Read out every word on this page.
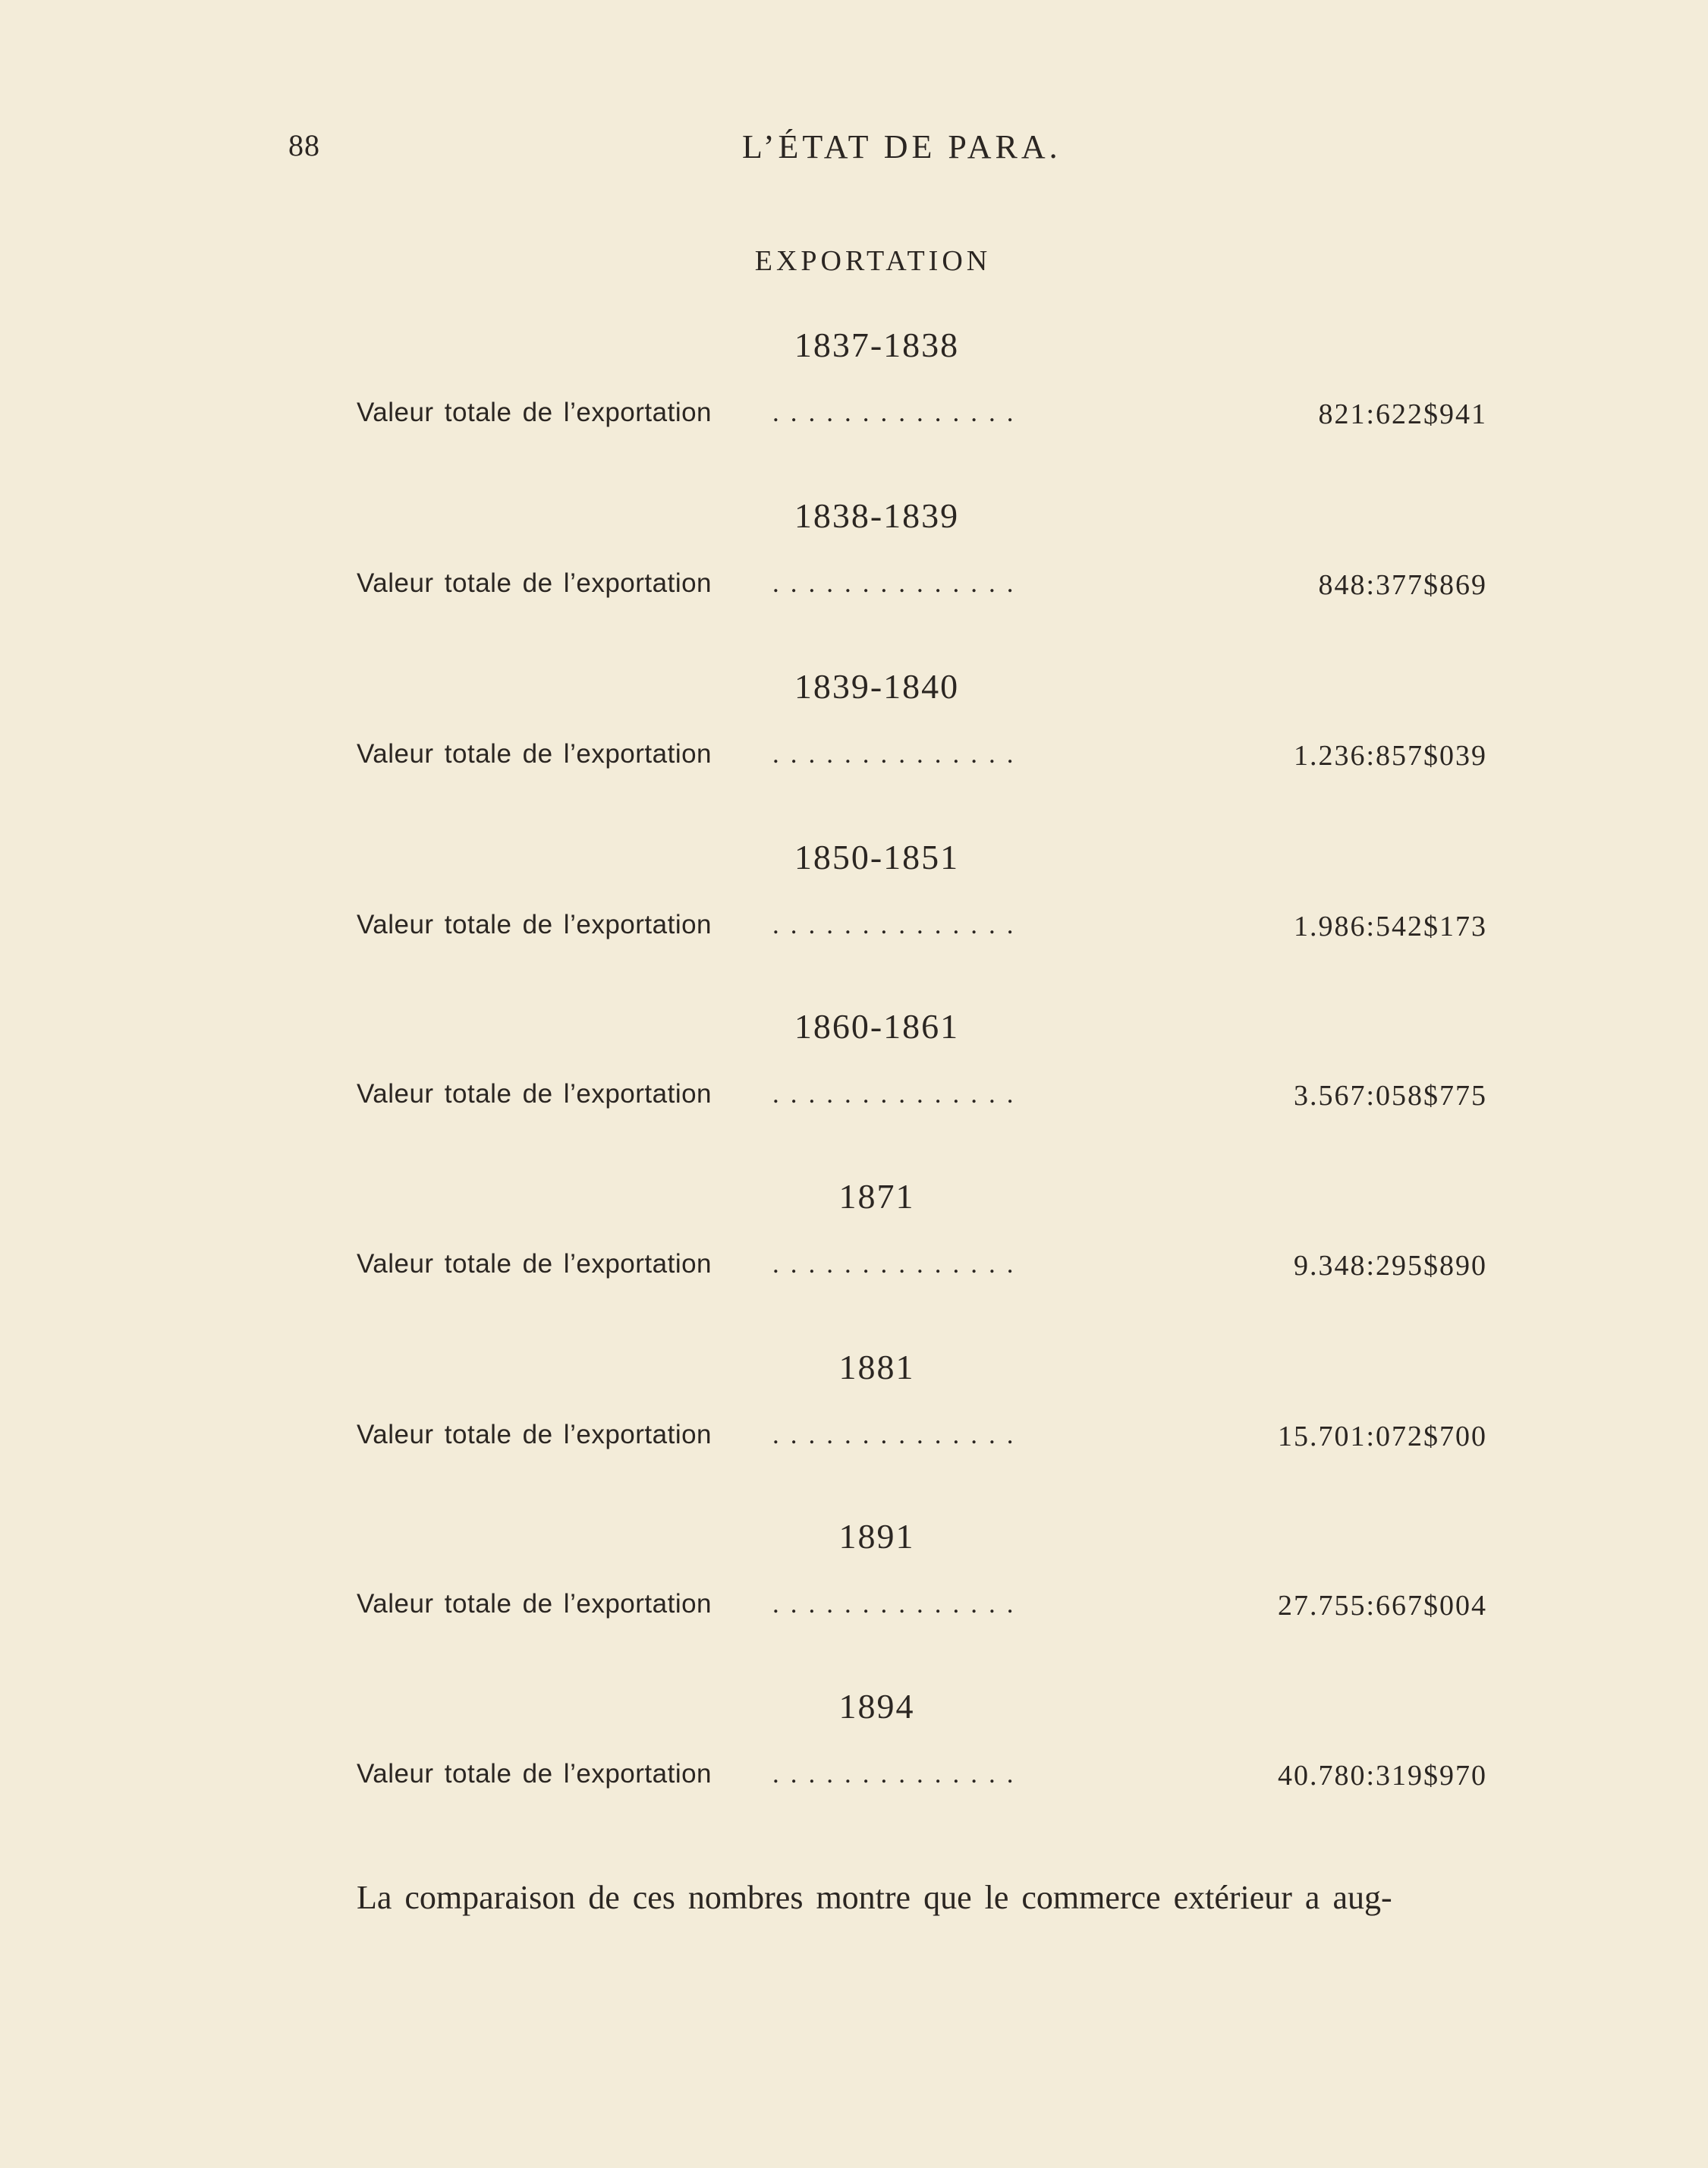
88	L’ÉTAT DE PARA.
EXPORTATION
1837-1838
Valeur totale de l’exportation ..............	821:622$941
1838-1839
Valeur totale de l’exportation ..............	848:377$869
1839-1840
Valeur totale de l’exportation ..............	1.236:857$039
1850-1851
Valeur totale de l’exportation ..............	1.986:542$173
1860-1861
Valeur totale de l’exportation ..............	3.567:058$775
1871
Valeur totale de l’exportation ..............	9.348:295$890
1881
Valeur totale de l’exportation ..............	15.701:072$700
1891
Valeur totale de l’exportation ..............	27.755:667$004
1894
Valeur totale de l’exportation ..............	40.780:319$970
La comparaison de ces nombres montre que le commerce extérieur a aug-
